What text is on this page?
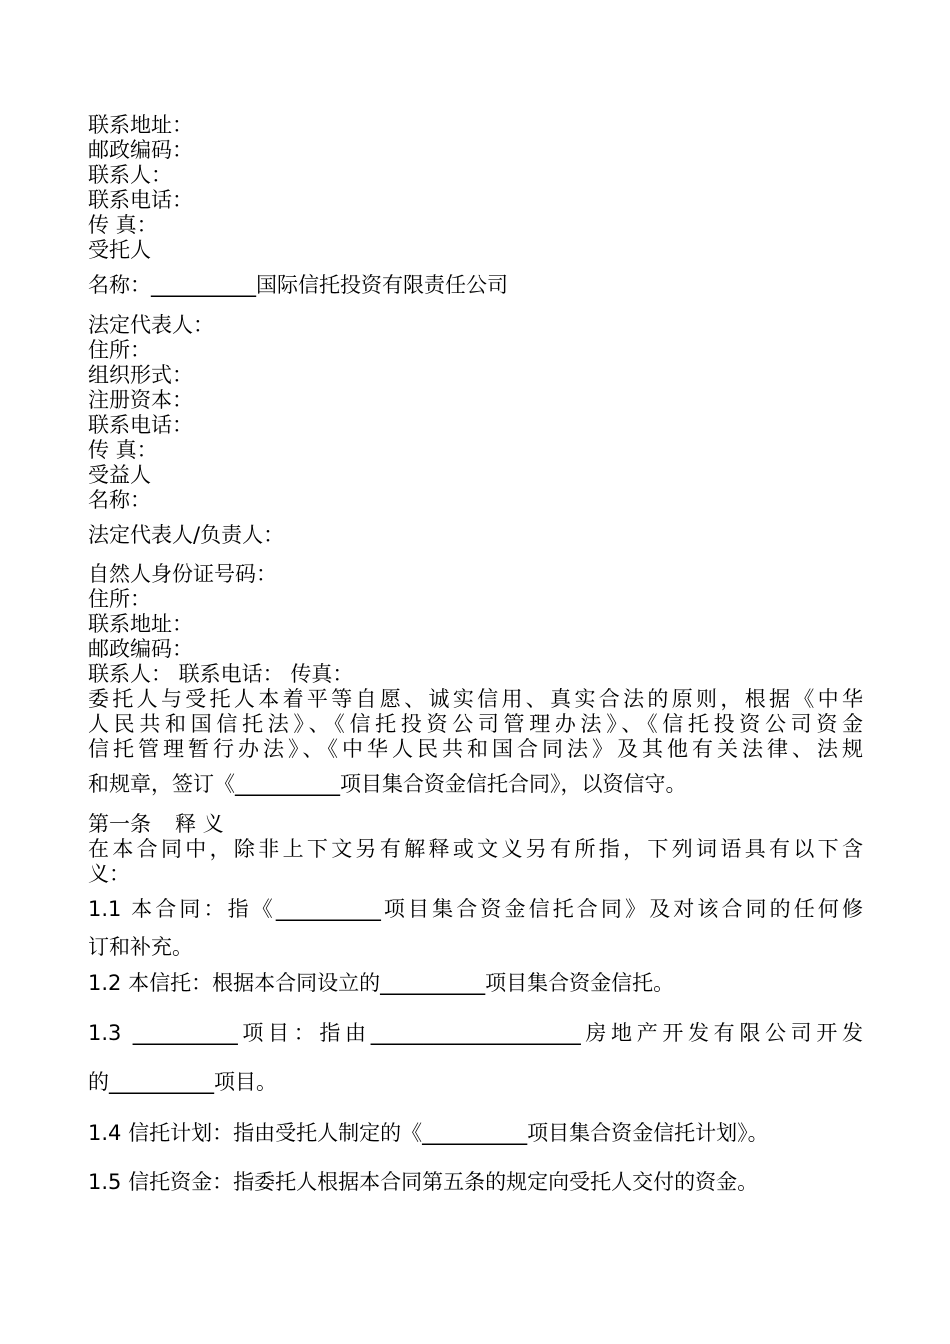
联系地址：
邮政编码：
联系人：
联系电话：
传 真：
受托人
名称：__________国际信托投资有限责任公司
法定代表人：
住所：
组织形式：
注册资本：
联系电话：
传 真：
受益人
名称：
法定代表人/负责人：
自然人身份证号码：
住所：
联系地址：
邮政编码：
联系人： 联系电话： 传真：
委托人与受托人本着平等自愿、诚实信用、真实合法的原则，根据《中华
人民共和国信托法》、《信托投资公司管理办法》、《信托投资公司资金
信托管理暂行办法》、《中华人民共和国合同法》及其他有关法律、法规
和规章，签订《__________项目集合资金信托合同》，以资信守。
第一条 释 义
在本合同中，除非上下文另有解释或文义另有所指，下列词语具有以下含
义：
1.1 本合同：指《__________项目集合资金信托合同》及对该合同的任何修
订和补充。
1.2 本信托：根据本合同设立的__________项目集合资金信托。
1.3 __________项目：指由____________________房地产开发有限公司开发
的__________项目。
1.4 信托计划：指由受托人制定的《__________项目集合资金信托计划》。
1.5 信托资金：指委托人根据本合同第五条的规定向受托人交付的资金。
